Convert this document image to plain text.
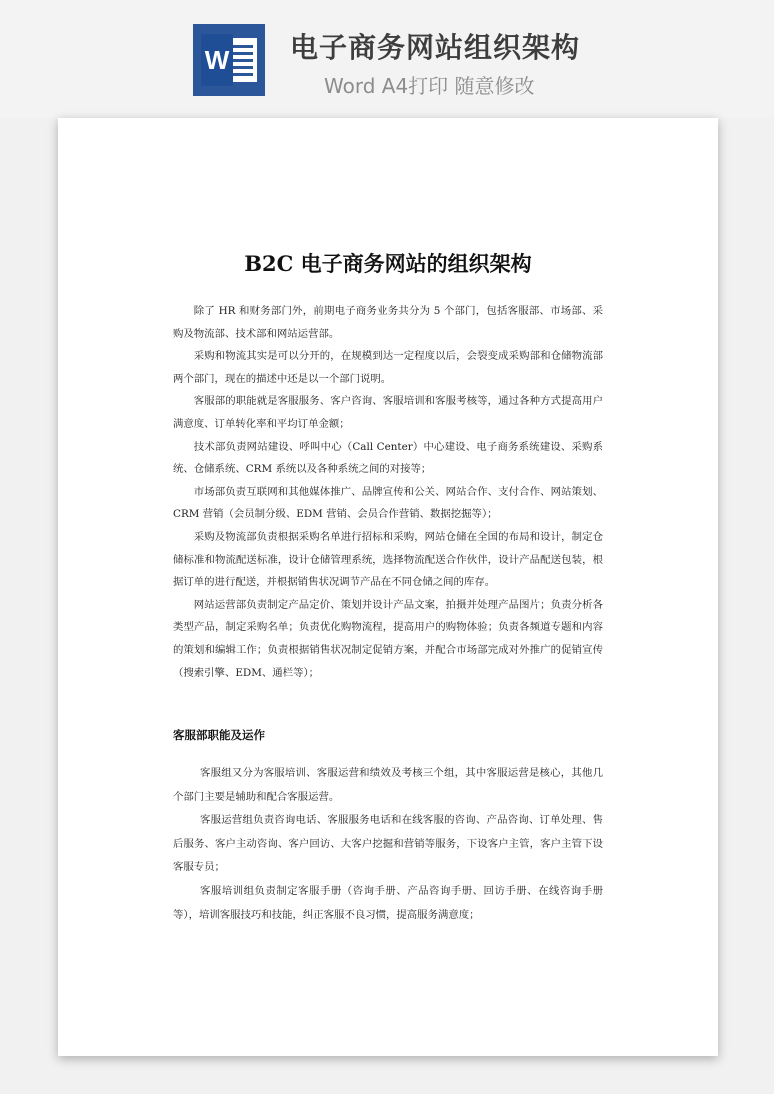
W 电子商务网站组织架构
Word A4打印 随意修改
B2C 电子商务网站的组织架构

除了 HR 和财务部门外，前期电子商务业务共分为 5 个部门，包括客服部、市场部、采购及物流部、技术部和网站运营部。

采购和物流其实是可以分开的，在规模到达一定程度以后，会裂变成采购部和仓储物流部两个部门，现在的描述中还是以一个部门说明。

客服部的职能就是客服服务、客户咨询、客服培训和客服考核等，通过各种方式提高用户满意度、订单转化率和平均订单金额；

技术部负责网站建设、呼叫中心（Call Center）中心建设、电子商务系统建设、采购系统、仓储系统、CRM 系统以及各种系统之间的对接等；

市场部负责互联网和其他媒体推广、品牌宣传和公关、网站合作、支付合作、网站策划、CRM 营销（会员制分级、EDM 营销、会员合作营销、数据挖掘等）；

采购及物流部负责根据采购名单进行招标和采购，网站仓储在全国的布局和设计，制定仓储标准和物流配送标准，设计仓储管理系统，选择物流配送合作伙伴，设计产品配送包装，根据订单的进行配送，并根据销售状况调节产品在不同仓储之间的库存。

网站运营部负责制定产品定价、策划并设计产品文案，拍摄并处理产品图片；负责分析各类型产品，制定采购名单；负责优化购物流程，提高用户的购物体验；负责各频道专题和内容的策划和编辑工作；负责根据销售状况制定促销方案，并配合市场部完成对外推广的促销宣传（搜索引擎、EDM、通栏等）；

客服部职能及运作

客服组又分为客服培训、客服运营和绩效及考核三个组，其中客服运营是核心，其他几个部门主要是辅助和配合客服运营。

客服运营组负责咨询电话、客服服务电话和在线客服的咨询、产品咨询、订单处理、售后服务、客户主动咨询、客户回访、大客户挖掘和营销等服务，下设客户主管，客户主管下设客服专员；

客服培训组负责制定客服手册（咨询手册、产品咨询手册、回访手册、在线咨询手册等），培训客服技巧和技能，纠正客服不良习惯，提高服务满意度；
